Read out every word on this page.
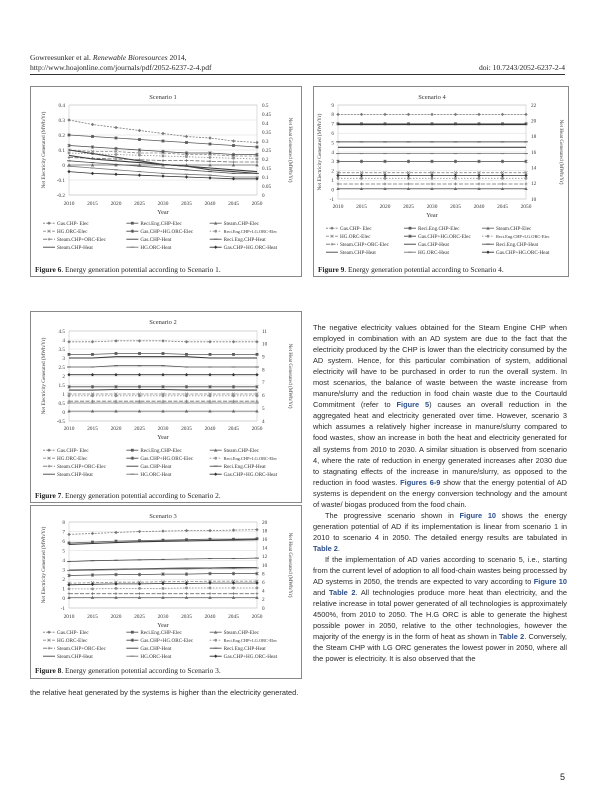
Gowreesunker et al. Renewable Bioresources 2014,
http://www.hoajonline.com/journals/pdf/2052-6237-2-4.pdf	doi: 10.7243/2052-6237-2-4
Scenario 1
-0.2
-0.1
0
0.1
0.2
0.3
0.4
0
0.05
0.1
0.15
0.2
0.25
0.3
0.35
0.4
0.45
0.5
2010 2015 2020 2025 2030 2035 2040 2045 2050
Year
Net Electricity Generated (MWh/Yr)	Net Heat Generated (MWh/Yr)
Gas.CHP- Elec	Reci.Eng.CHP-Elec	Steam.CHP-Elec
HG.ORC-Elec	Gas.CHP+HG.ORC-Elec	Reci.Eng.CHP+LG.ORC-Elec
Steam.CHP+ORC-Elec	Gas.CHP-Heat	Reci.Eng.CHP-Heat
Steam.CHP-Heat	HG.ORC-Heat	Gas.CHP+HG.ORC-Heat
Figure 6. Energy generation potential according to Scenario 1.
Scenario 4
-1
0
1
2
3
4
5
6
7
8
9
10
12
14
16
18
20
22
2010 2015 2020 2025 2030 2035 2040 2045 2050
Year
Net Electricity Generated (MWh/Yr)	Net Heat Generated (MWh/Yr)
Gas.CHP- Elec	Reci.Eng.CHP-Elec	Steam.CHP-Elec
HG.ORC-Elec	Gas.CHP+HG.ORC-Elec	Reci.Eng.CHP+LG.ORC-Elec
Steam.CHP+ORC-Elec	Gas.CHP-Heat	Reci.Eng.CHP-Heat
Steam.CHP-Heat	HG.ORC-Heat	Gas.CHP+HG.ORC-Heat
Figure 9. Energy generation potential according to Scenario 4.
Scenario 2
-0.5
0
0.5
1
1.5
2
2.5
3
3.5
4
4.5
4
5
6
7
8
9
10
11
2010 2015 2020 2025 2030 2035 2040 2045 2050
Year
Net Electricity Generated (MWh/Yr)	Net Heat Generated (MWh/Yr)
Gas.CHP- Elec	Reci.Eng.CHP-Elec	Steam.CHP-Elec
HG.ORC-Elec	Gas.CHP+HG.ORC-Elec	Reci.Eng.CHP+LG.ORC-Elec
Steam.CHP+ORC-Elec	Gas.CHP-Heat	Reci.Eng.CHP-Heat
Steam.CHP-Heat	HG.ORC-Heat	Gas.CHP+HG.ORC-Heat
Figure 7. Energy generation potential according to Scenario 2.
Scenario 3
-1
0
1
2
3
4
5
6
7
8
0
2
4
6
8
10
12
14
16
18
20
2010 2015 2020 2025 2030 2035 2040 2045 2050
Year
Net Electricity Generated (MWh/Yr)	Net Heat Generated (MWh/Yr)
Gas.CHP- Elec	Reci.Eng.CHP-Elec	Steam.CHP-Elec
HG.ORC-Elec	Gas.CHP+HG.ORC-Elec	Reci.Eng.CHP+LG.ORC-Elec
Steam.CHP+ORC-Elec	Gas.CHP-Heat	Reci.Eng.CHP-Heat
Steam.CHP-Heat	HG.ORC-Heat	Gas.CHP+HG.ORC-Heat
Figure 8. Energy generation potential according to Scenario 3.

The negative electricity values obtained for the Steam Engine CHP when employed in combination with an AD system are due to the fact that the electricity produced by the CHP is lower than the electricity consumed by the AD system. Hence, for this particular combination of system, additional electricity will have to be purchased in order to run the overall system. In most scenarios, the balance of waste between the waste increase from manure/slurry and the reduction in food chain waste due to the Courtauld Commitment (refer to Figure 5) causes an overall reduction in the aggregated heat and electricity generated over time. However, scenario 3 which assumes a relatively higher increase in manure/slurry compared to food wastes, show an increase in both the heat and electricity generated for all systems from 2010 to 2030. A similar situation is observed from scenario 4, where the rate of reduction in energy generated increases after 2030 due to stagnating effects of the increase in manure/slurry, as opposed to the reduction in food wastes. Figures 6-9 show that the energy potential of AD systems is dependent on the energy conversion technology and the amount of waste/ biogas produced from the food chain.

The progressive scenario shown in Figure 10 shows the energy generation potential of AD if its implementation is linear from scenario 1 in 2010 to scenario 4 in 2050. The detailed energy results are tabulated in Table 2.

If the implementation of AD varies according to scenario 5, i.e., starting from the current level of adoption to all food-chain wastes being processed by AD systems in 2050, the trends are expected to vary according to Figure 10 and Table 2. All technologies produce more heat than electricity, and the relative increase in total power generated of all technologies is approximately 4500%, from 2010 to 2050. The H.G ORC is able to generate the highest possible power in 2050, relative to the other technologies, however the majority of the energy is in the form of heat as shown in Table 2. Conversely, the Steam CHP with LG ORC generates the lowest power in 2050, where all the power is electricity. It is also observed that the

the relative heat generated by the systems is higher than the electricity generated.
5
